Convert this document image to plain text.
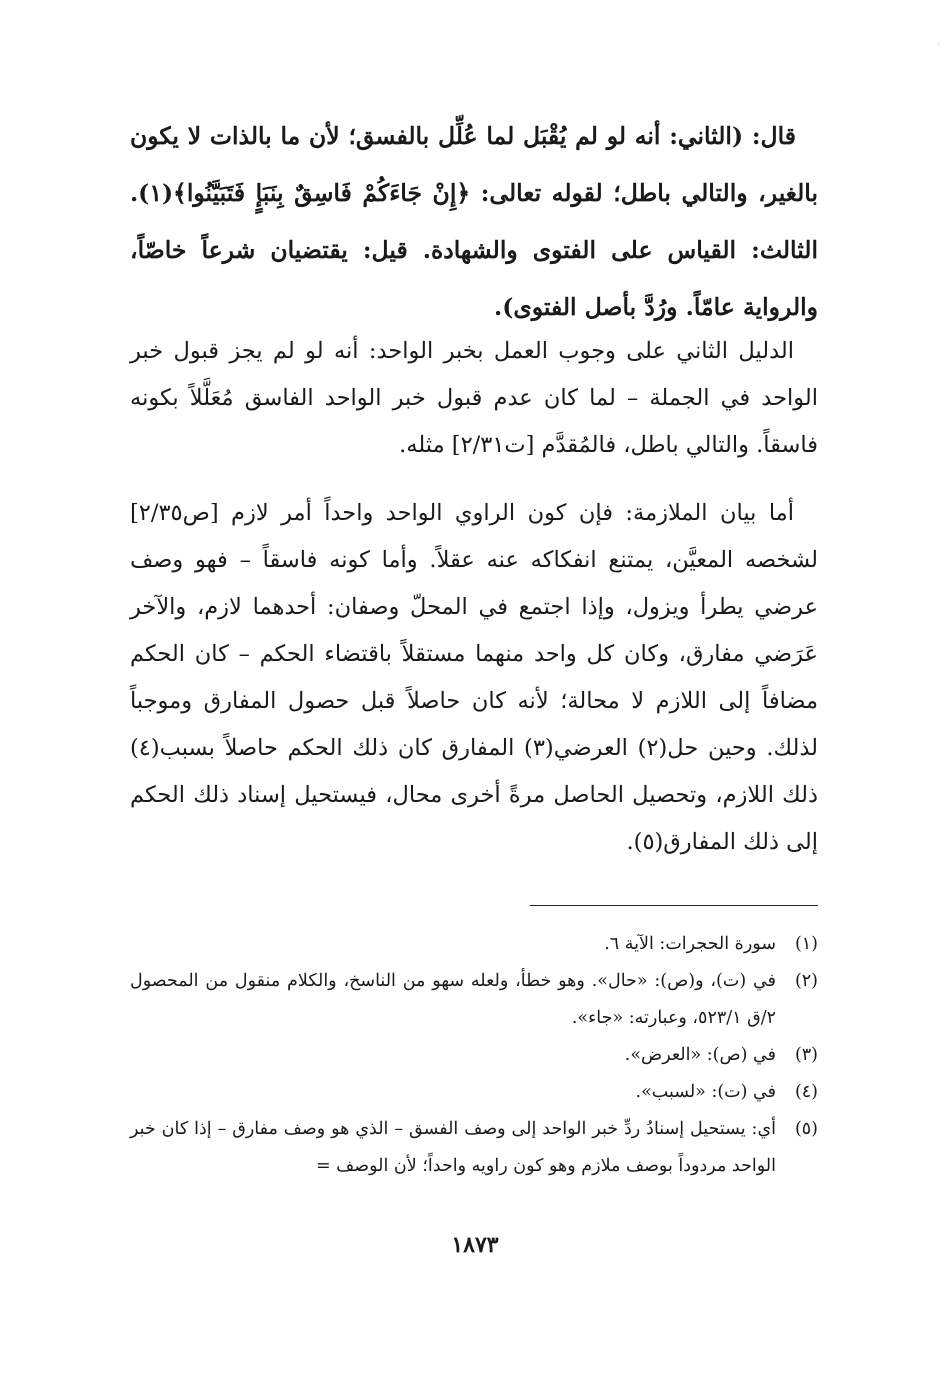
⁝

قال: (الثاني: أنه لو لم يُقْبَل لما عُلِّل بالفسق؛ لأن ما بالذات لا يكون بالغير، والتالي باطل؛ لقوله تعالى: ﴿إِنْ جَاءَكُمْ فَاسِقٌ بِنَبَإٍ فَتَبَيَّنُوا﴾(١). الثالث: القياس على الفتوى والشهادة. قيل: يقتضيان شرعاً خاصّاً، والرواية عامّاً. ورُدَّ بأصل الفتوى).

الدليل الثاني على وجوب العمل بخبر الواحد: أنه لو لم يجز قبول خبر الواحد في الجملة – لما كان عدم قبول خبر الواحد الفاسق مُعَلَّلاً بكونه فاسقاً. والتالي باطل، فالمُقدَّم [ت٢/٣١] مثله.

أما بيان الملازمة: فإن كون الراوي الواحد واحداً أمر لازم [ص٢/٣٥] لشخصه المعيَّن، يمتنع انفكاكه عنه عقلاً. وأما كونه فاسقاً – فهو وصف عرضي يطرأ ويزول، وإذا اجتمع في المحلّ وصفان: أحدهما لازم، والآخر عَرَضي مفارق، وكان كل واحد منهما مستقلاً باقتضاء الحكم – كان الحكم مضافاً إلى اللازم لا محالة؛ لأنه كان حاصلاً قبل حصول المفارق وموجباً لذلك. وحين حل(٢) العرضي(٣) المفارق كان ذلك الحكم حاصلاً بسبب(٤) ذلك اللازم، وتحصيل الحاصل مرةً أخرى محال، فيستحيل إسناد ذلك الحكم إلى ذلك المفارق(٥).

(١)
سورة الحجرات: الآية ٦.
(٢)
في (ت)، و(ص): «حال». وهو خطأ، ولعله سهو من الناسخ، والكلام منقول من المحصول ٢/ق ٥٢٣/١، وعبارته: «جاء».
(٣)
في (ص): «العرض».
(٤)
في (ت): «لسبب».
(٥)
أي: يستحيل إسنادُ ردِّ خبر الواحد إلى وصف الفسق – الذي هو وصف مفارق – إذا كان خبر الواحد مردوداً بوصف ملازم وهو كون راويه واحداً؛ لأن الوصف =
١٨٧٣
